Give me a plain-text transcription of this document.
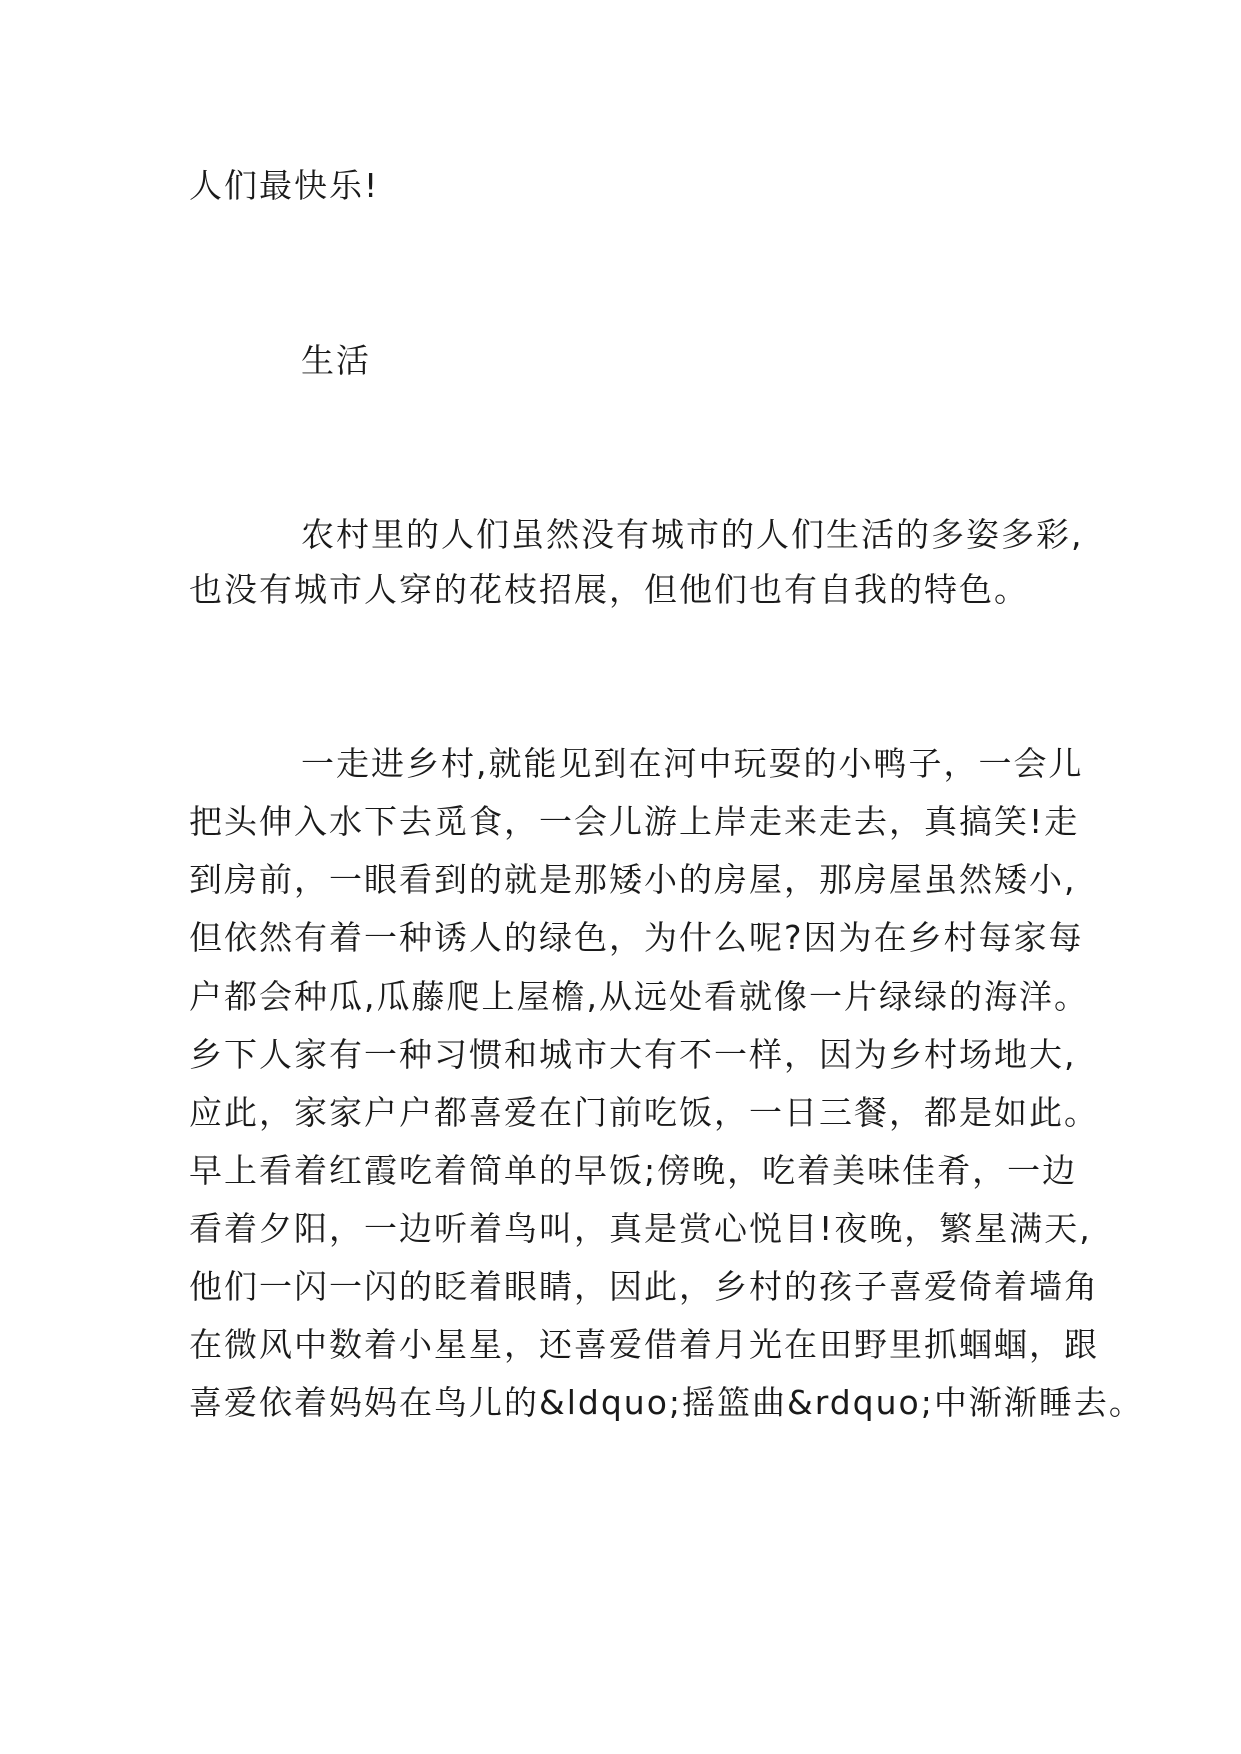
人们最快乐!

生活

农村里的人们虽然没有城市的人们生活的多姿多彩,

也没有城市人穿的花枝招展，但他们也有自我的特色。

一走进乡村,就能见到在河中玩耍的小鸭子，一会儿

把头伸入水下去觅食，一会儿游上岸走来走去，真搞笑!走

到房前，一眼看到的就是那矮小的房屋，那房屋虽然矮小,

但依然有着一种诱人的绿色，为什么呢?因为在乡村每家每

户都会种瓜,瓜藤爬上屋檐,从远处看就像一片绿绿的海洋。

乡下人家有一种习惯和城市大有不一样，因为乡村场地大,

应此，家家户户都喜爱在门前吃饭，一日三餐，都是如此。

早上看着红霞吃着简单的早饭;傍晚，吃着美味佳肴，一边

看着夕阳，一边听着鸟叫，真是赏心悦目!夜晚，繁星满天,

他们一闪一闪的眨着眼睛，因此，乡村的孩子喜爱倚着墙角

在微风中数着小星星，还喜爱借着月光在田野里抓蝈蝈，跟

喜爱依着妈妈在鸟儿的&ldquo;摇篮曲&rdquo;中渐渐睡去。
